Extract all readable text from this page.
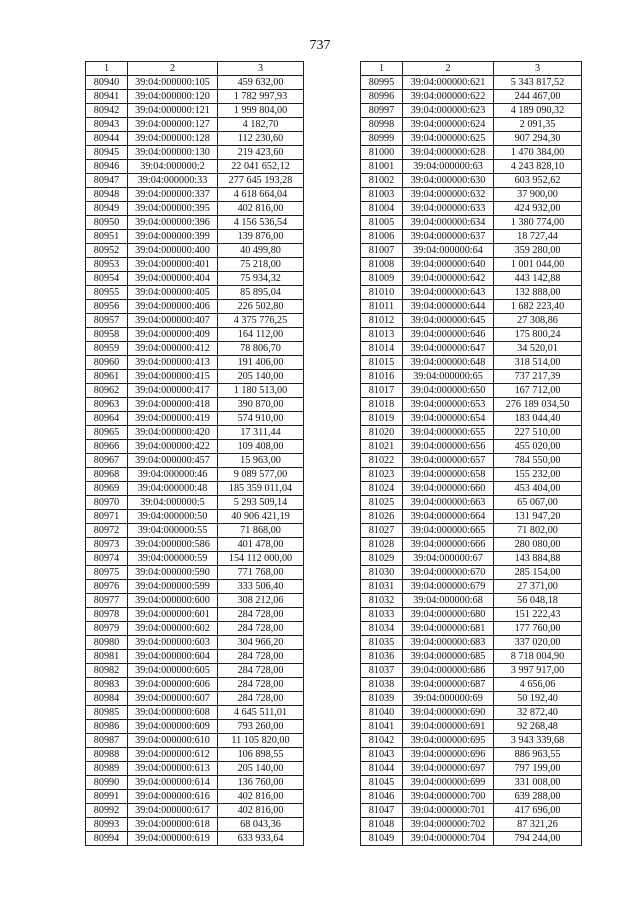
737
1	2	3
80940	39:04:000000:105	459 632,00
80941	39:04:000000:120	1 782 997,93
80942	39:04:000000:121	1 999 804,00
80943	39:04:000000:127	4 182,70
80944	39:04:000000:128	112 230,60
80945	39:04:000000:130	219 423,60
80946	39:04:000000:2	22 041 652,12
80947	39:04:000000:33	277 645 193,28
80948	39:04:000000:337	4 618 664,04
80949	39:04:000000:395	402 816,00
80950	39:04:000000:396	4 156 536,54
80951	39:04:000000:399	139 876,00
80952	39:04:000000:400	40 499,80
80953	39:04:000000:401	75 218,00
80954	39:04:000000:404	75 934,32
80955	39:04:000000:405	85 895,04
80956	39:04:000000:406	226 502,80
80957	39:04:000000:407	4 375 776,25
80958	39:04:000000:409	164 112,00
80959	39:04:000000:412	78 806,70
80960	39:04:000000:413	191 406,00
80961	39:04:000000:415	205 140,00
80962	39:04:000000:417	1 180 513,00
80963	39:04:000000:418	390 870,00
80964	39:04:000000:419	574 910,00
80965	39:04:000000:420	17 311,44
80966	39:04:000000:422	109 408,00
80967	39:04:000000:457	15 963,00
80968	39:04:000000:46	9 089 577,00
80969	39:04:000000:48	185 359 011,04
80970	39:04:000000:5	5 293 509,14
80971	39:04:000000:50	40 906 421,19
80972	39:04:000000:55	71 868,00
80973	39:04:000000:586	401 478,00
80974	39:04:000000:59	154 112 000,00
80975	39:04:000000:590	771 768,00
80976	39:04:000000:599	333 506,40
80977	39:04:000000:600	308 212,06
80978	39:04:000000:601	284 728,00
80979	39:04:000000:602	284 728,00
80980	39:04:000000:603	304 966,20
80981	39:04:000000:604	284 728,00
80982	39:04:000000:605	284 728,00
80983	39:04:000000:606	284 728,00
80984	39:04:000000:607	284 728,00
80985	39:04:000000:608	4 645 511,01
80986	39:04:000000:609	793 260,00
80987	39:04:000000:610	11 105 820,00
80988	39:04:000000:612	106 898,55
80989	39:04:000000:613	205 140,00
80990	39:04:000000:614	136 760,00
80991	39:04:000000:616	402 816,00
80992	39:04:000000:617	402 816,00
80993	39:04:000000:618	68 043,36
80994	39:04:000000:619	633 933,64
1	2	3
80995	39:04:000000:621	5 343 817,52
80996	39:04:000000:622	244 467,00
80997	39:04:000000:623	4 189 090,32
80998	39:04:000000:624	2 091,35
80999	39:04:000000:625	907 294,30
81000	39:04:000000:628	1 470 384,00
81001	39:04:000000:63	4 243 828,10
81002	39:04:000000:630	603 952,62
81003	39:04:000000:632	37 900,00
81004	39:04:000000:633	424 932,00
81005	39:04:000000:634	1 380 774,00
81006	39:04:000000:637	18 727,44
81007	39:04:000000:64	359 280,00
81008	39:04:000000:640	1 001 044,00
81009	39:04:000000:642	443 142,88
81010	39:04:000000:643	132 888,00
81011	39:04:000000:644	1 682 223,40
81012	39:04:000000:645	27 308,86
81013	39:04:000000:646	175 800,24
81014	39:04:000000:647	34 520,01
81015	39:04:000000:648	318 514,00
81016	39:04:000000:65	737 217,39
81017	39:04:000000:650	167 712,00
81018	39:04:000000:653	276 189 034,50
81019	39:04:000000:654	183 044,40
81020	39:04:000000:655	227 510,00
81021	39:04:000000:656	455 020,00
81022	39:04:000000:657	784 550,00
81023	39:04:000000:658	155 232,00
81024	39:04:000000:660	453 404,00
81025	39:04:000000:663	65 067,00
81026	39:04:000000:664	131 947,20
81027	39:04:000000:665	71 802,00
81028	39:04:000000:666	280 080,00
81029	39:04:000000:67	143 884,88
81030	39:04:000000:670	285 154,00
81031	39:04:000000:679	27 371,00
81032	39:04:000000:68	56 048,18
81033	39:04:000000:680	151 222,43
81034	39:04:000000:681	177 760,00
81035	39:04:000000:683	337 020,00
81036	39:04:000000:685	8 718 004,90
81037	39:04:000000:686	3 997 917,00
81038	39:04:000000:687	4 656,06
81039	39:04:000000:69	50 192,40
81040	39:04:000000:690	32 872,40
81041	39:04:000000:691	92 268,48
81042	39:04:000000:695	3 943 339,68
81043	39:04:000000:696	886 963,55
81044	39:04:000000:697	797 199,00
81045	39:04:000000:699	331 008,00
81046	39:04:000000:700	639 288,00
81047	39:04:000000:701	417 696,00
81048	39:04:000000:702	87 321,26
81049	39:04:000000:704	794 244,00
